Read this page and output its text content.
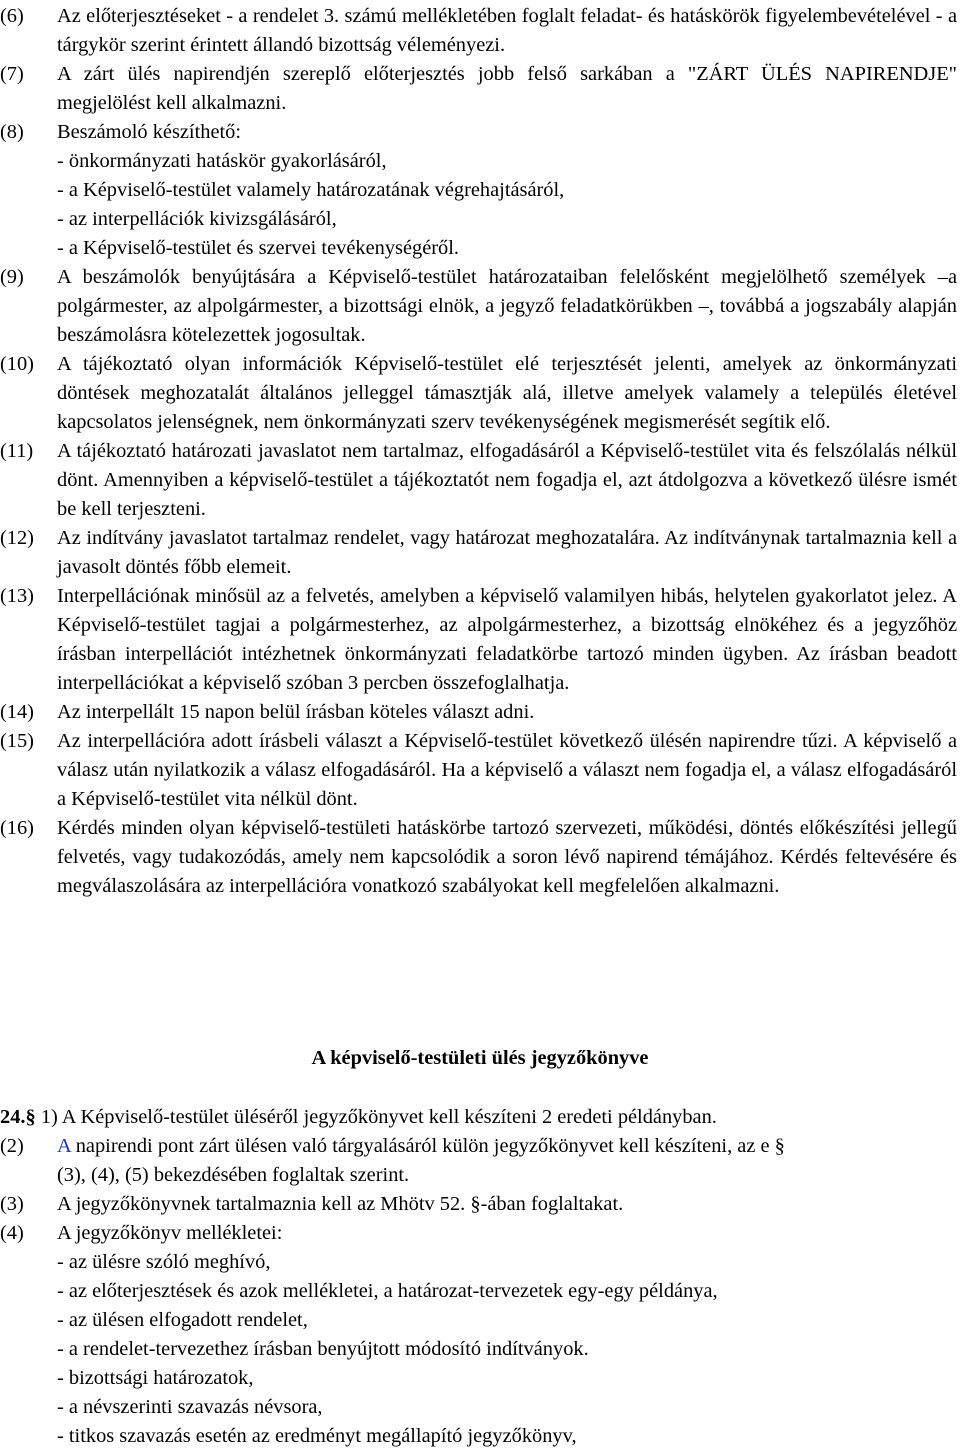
(6) Az előterjesztéseket - a rendelet 3. számú mellékletében foglalt feladat- és hatáskörök figyelembevételével - a tárgykör szerint érintett állandó bizottság véleményezi.
(7) A zárt ülés napirendjén szereplő előterjesztés jobb felső sarkában a "ZÁRT ÜLÉS NAPIRENDJE" megjelölést kell alkalmazni.
(8) Beszámoló készíthető:
- önkormányzati hatáskör gyakorlásáról,
- a Képviselő-testület valamely határozatának végrehajtásáról,
- az interpellációk kivizsgálásáról,
- a Képviselő-testület és szervei tevékenységéről.
(9) A beszámolók benyújtására a Képviselő-testület határozataiban felelősként megjelölhető személyek –a polgármester, az alpolgármester, a bizottsági elnök, a jegyző feladatkörükben –, továbbá a jogszabály alapján beszámolásra kötelezettek jogosultak.
(10) A tájékoztató olyan információk Képviselő-testület elé terjesztését jelenti, amelyek az önkormányzati döntések meghozatalát általános jelleggel támasztják alá, illetve amelyek valamely a település életével kapcsolatos jelenségnek, nem önkormányzati szerv tevékenységének megismerését segítik elő.
(11) A tájékoztató határozati javaslatot nem tartalmaz, elfogadásáról a Képviselő-testület vita és felszólalás nélkül dönt. Amennyiben a képviselő-testület a tájékoztatót nem fogadja el, azt átdolgozva a következő ülésre ismét be kell terjeszteni.
(12) Az indítvány javaslatot tartalmaz rendelet, vagy határozat meghozatalára. Az indítványnak tartalmaznia kell a javasolt döntés főbb elemeit.
(13) Interpellációnak minősül az a felvetés, amelyben a képviselő valamilyen hibás, helytelen gyakorlatot jelez. A Képviselő-testület tagjai a polgármesterhez, az alpolgármesterhez, a bizottság elnökéhez és a jegyzőhöz írásban interpellációt intézhetnek önkormányzati feladatkörbe tartozó minden ügyben. Az írásban beadott interpellációkat a képviselő szóban 3 percben összefoglalhatja.
(14) Az interpellált 15 napon belül írásban köteles választ adni.
(15) Az interpellációra adott írásbeli választ a Képviselő-testület következő ülésén napirendre tűzi. A képviselő a válasz után nyilatkozik a válasz elfogadásáról. Ha a képviselő a választ nem fogadja el, a válasz elfogadásáról a Képviselő-testület vita nélkül dönt.
(16) Kérdés minden olyan képviselő-testületi hatáskörbe tartozó szervezeti, működési, döntés előkészítési jellegű felvetés, vagy tudakozódás, amely nem kapcsolódik a soron lévő napirend témájához. Kérdés feltevésére és megválaszolására az interpellációra vonatkozó szabályokat kell megfelelően alkalmazni.
A képviselő-testületi ülés jegyzőkönyve
24.§ 1) A Képviselő-testület üléséről jegyzőkönyvet kell készíteni 2 eredeti példányban.
(2) A napirendi pont zárt ülésen való tárgyalásáról külön jegyzőkönyvet kell készíteni, az e §
(3), (4), (5) bekezdésében foglaltak szerint.
(3) A jegyzőkönyvnek tartalmaznia kell az Mhötv 52. §-ában foglaltakat.
(4) A jegyzőkönyv mellékletei:
- az ülésre szóló meghívó,
- az előterjesztések és azok mellékletei, a határozat-tervezetek egy-egy példánya,
- az ülésen elfogadott rendelet,
- a rendelet-tervezethez írásban benyújtott módosító indítványok.
- bizottsági határozatok,
- a névszerinti szavazás névsora,
- titkos szavazás esetén az eredményt megállapító jegyzőkönyv,
